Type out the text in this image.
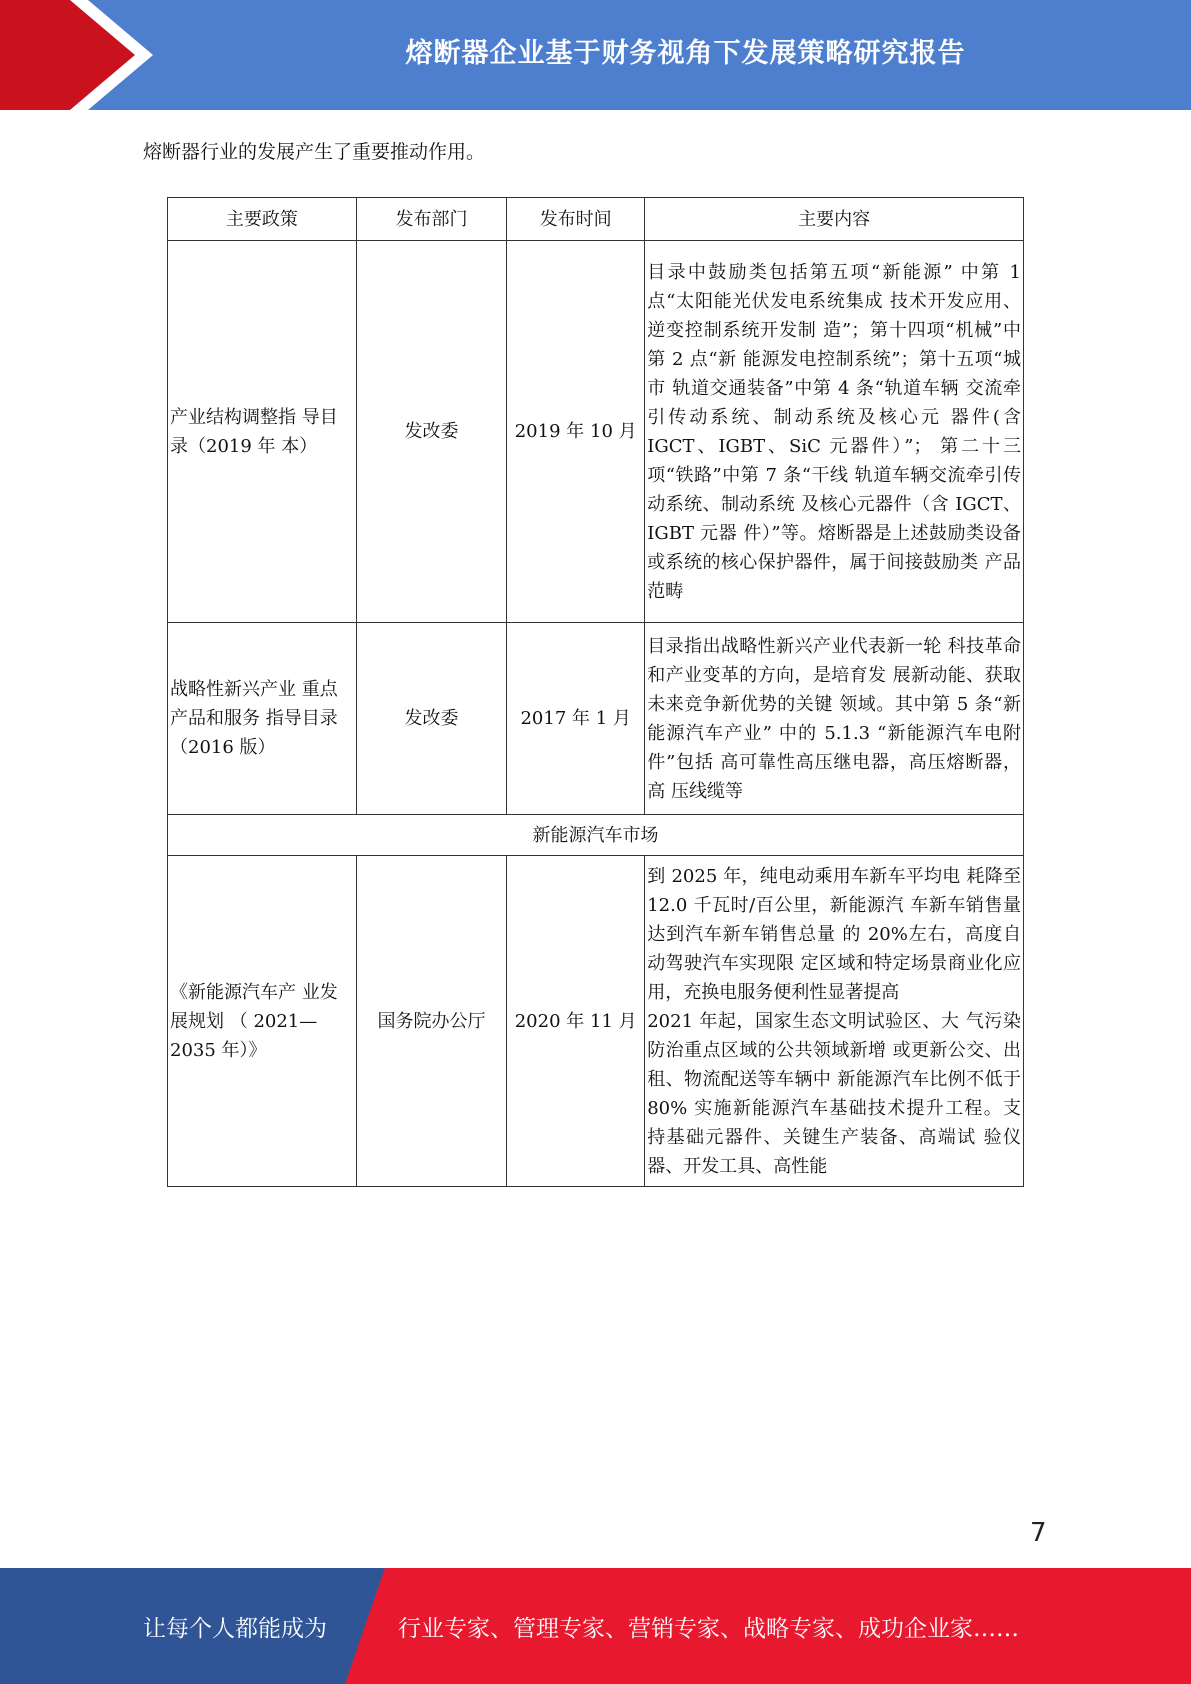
熔断器企业基于财务视角下发展策略研究报告
熔断器行业的发展产生了重要推动作用。
主要政策	发布部门	发布时间	主要内容
产业结构调整指 导目录（2019 年 本）	发改委	2019 年 10 月	目录中鼓励类包括第五项“新能源” 中第 1 点“太阳能光伏发电系统集成 技术开发应用、逆变控制系统开发制 造”；第十四项“机械”中第 2 点“新 能源发电控制系统”；第十五项“城市 轨道交通装备”中第 4 条“轨道车辆 交流牵引传动系统、制动系统及核心元 器件(含 IGCT、IGBT、SiC 元器件）”； 第二十三项“铁路”中第 7 条“干线 轨道车辆交流牵引传动系统、制动系统 及核心元器件（含 IGCT、IGBT 元器 件）”等。熔断器是上述鼓励类设备或系统的核心保护器件，属于间接鼓励类 产品范畴
战略性新兴产业 重点产品和服务 指导目录（2016 版）	发改委	2017 年 1 月	目录指出战略性新兴产业代表新一轮 科技革命和产业变革的方向，是培育发 展新动能、获取未来竞争新优势的关键 领域。其中第 5 条“新能源汽车产业” 中的 5.1.3 “新能源汽车电附件”包括 高可靠性高压继电器，高压熔断器，高 压线缆等
新能源汽车市场			
《新能源汽车产 业发展规划 （ 2021—2035 年）》	国务院办公厅	2020 年 11 月	到 2025 年，纯电动乘用车新车平均电 耗降至 12.0 千瓦时/百公里，新能源汽 车新车销售量达到汽车新车销售总量 的 20%左右，高度自动驾驶汽车实现限 定区域和特定场景商业化应用，充换电服务便利性显著提高

2021 年起，国家生态文明试验区、大 气污染防治重点区域的公共领域新增 或更新公交、出租、物流配送等车辆中 新能源汽车比例不低于 80% 实施新能源汽车基础技术提升工程。支 持基础元器件、关键生产装备、高端试 验仪器、开发工具、高性能

7
让每个人都能成为	行业专家、管理专家、营销专家、战略专家、成功企业家……
